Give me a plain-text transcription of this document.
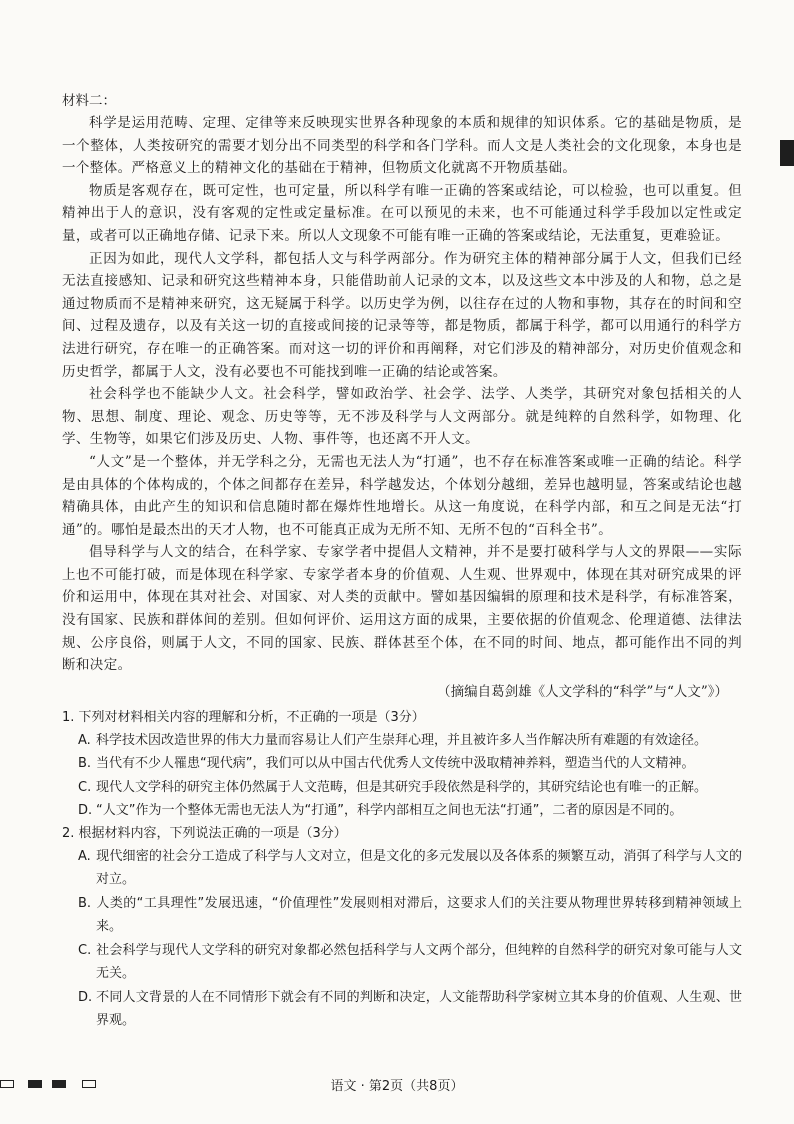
材料二：

科学是运用范畴、定理、定律等来反映现实世界各种现象的本质和规律的知识体系。它的基础是物质，是一个整体，人类按研究的需要才划分出不同类型的科学和各门学科。而人文是人类社会的文化现象，本身也是一个整体。严格意义上的精神文化的基础在于精神，但物质文化就离不开物质基础。

物质是客观存在，既可定性，也可定量，所以科学有唯一正确的答案或结论，可以检验，也可以重复。但精神出于人的意识，没有客观的定性或定量标准。在可以预见的未来，也不可能通过科学手段加以定性或定量，或者可以正确地存储、记录下来。所以人文现象不可能有唯一正确的答案或结论，无法重复，更难验证。

正因为如此，现代人文学科，都包括人文与科学两部分。作为研究主体的精神部分属于人文，但我们已经无法直接感知、记录和研究这些精神本身，只能借助前人记录的文本，以及这些文本中涉及的人和物，总之是通过物质而不是精神来研究，这无疑属于科学。以历史学为例，以往存在过的人物和事物，其存在的时间和空间、过程及遗存，以及有关这一切的直接或间接的记录等等，都是物质，都属于科学，都可以用通行的科学方法进行研究，存在唯一的正确答案。而对这一切的评价和再阐释，对它们涉及的精神部分，对历史价值观念和历史哲学，都属于人文，没有必要也不可能找到唯一正确的结论或答案。

社会科学也不能缺少人文。社会科学，譬如政治学、社会学、法学、人类学，其研究对象包括相关的人物、思想、制度、理论、观念、历史等等，无不涉及科学与人文两部分。就是纯粹的自然科学，如物理、化学、生物等，如果它们涉及历史、人物、事件等，也还离不开人文。

“人文”是一个整体，并无学科之分，无需也无法人为“打通”，也不存在标准答案或唯一正确的结论。科学是由具体的个体构成的，个体之间都存在差异，科学越发达，个体划分越细，差异也越明显，答案或结论也越精确具体，由此产生的知识和信息随时都在爆炸性地增长。从这一角度说，在科学内部，和互之间是无法“打通”的。哪怕是最杰出的天才人物，也不可能真正成为无所不知、无所不包的“百科全书”。

倡导科学与人文的结合，在科学家、专家学者中提倡人文精神，并不是要打破科学与人文的界限——实际上也不可能打破，而是体现在科学家、专家学者本身的价值观、人生观、世界观中，体现在其对研究成果的评价和运用中，体现在其对社会、对国家、对人类的贡献中。譬如基因编辑的原理和技术是科学，有标准答案，没有国家、民族和群体间的差别。但如何评价、运用这方面的成果，主要依据的价值观念、伦理道德、法律法规、公序良俗，则属于人文，不同的国家、民族、群体甚至个体，在不同的时间、地点，都可能作出不同的判断和决定。

（摘编自葛剑雄《人文学科的“科学”与“人文”》）

1. 下列对材料相关内容的理解和分析，不正确的一项是（3分）

A. 科学技术因改造世界的伟大力量而容易让人们产生崇拜心理，并且被许多人当作解决所有难题的有效途径。

B. 当代有不少人罹患“现代病”，我们可以从中国古代优秀人文传统中汲取精神养料，塑造当代的人文精神。

C. 现代人文学科的研究主体仍然属于人文范畴，但是其研究手段依然是科学的，其研究结论也有唯一的正解。

D. “人文”作为一个整体无需也无法人为“打通”，科学内部相互之间也无法“打通”，二者的原因是不同的。

2. 根据材料内容，下列说法正确的一项是（3分）

A. 现代细密的社会分工造成了科学与人文对立，但是文化的多元发展以及各体系的频繁互动，消弭了科学与人文的对立。

B. 人类的“工具理性”发展迅速，“价值理性”发展则相对滞后，这要求人们的关注要从物理世界转移到精神领域上来。

C. 社会科学与现代人文学科的研究对象都必然包括科学与人文两个部分，但纯粹的自然科学的研究对象可能与人文无关。

D. 不同人文背景的人在不同情形下就会有不同的判断和决定，人文能帮助科学家树立其本身的价值观、人生观、世界观。

语文 · 第2页（共8页）
